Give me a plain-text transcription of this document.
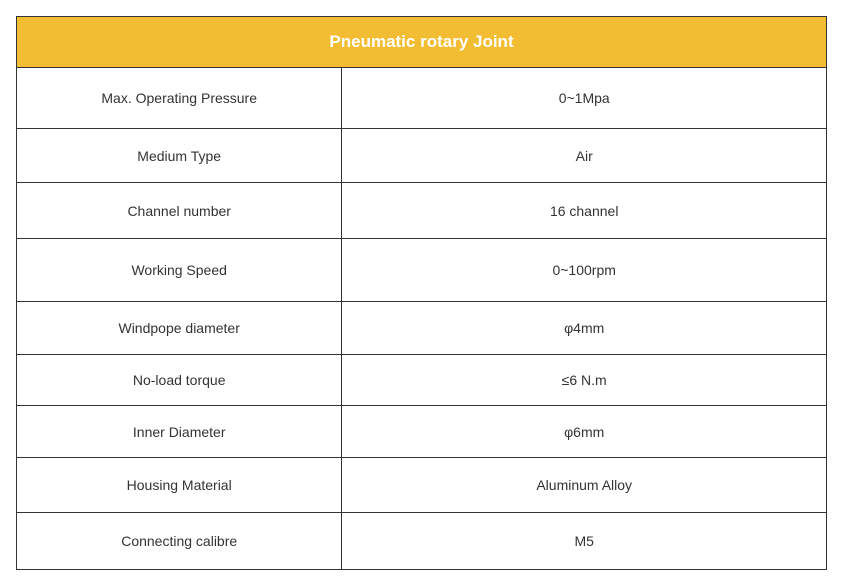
Pneumatic rotary Joint	
Max. Operating Pressure	0~1Mpa
Medium Type	Air
Channel number	16 channel
Working Speed	0~100rpm
Windpope diameter	φ4mm
No-load torque	≤6 N.m
Inner Diameter	φ6mm
Housing Material	Aluminum Alloy
Connecting calibre	M5
